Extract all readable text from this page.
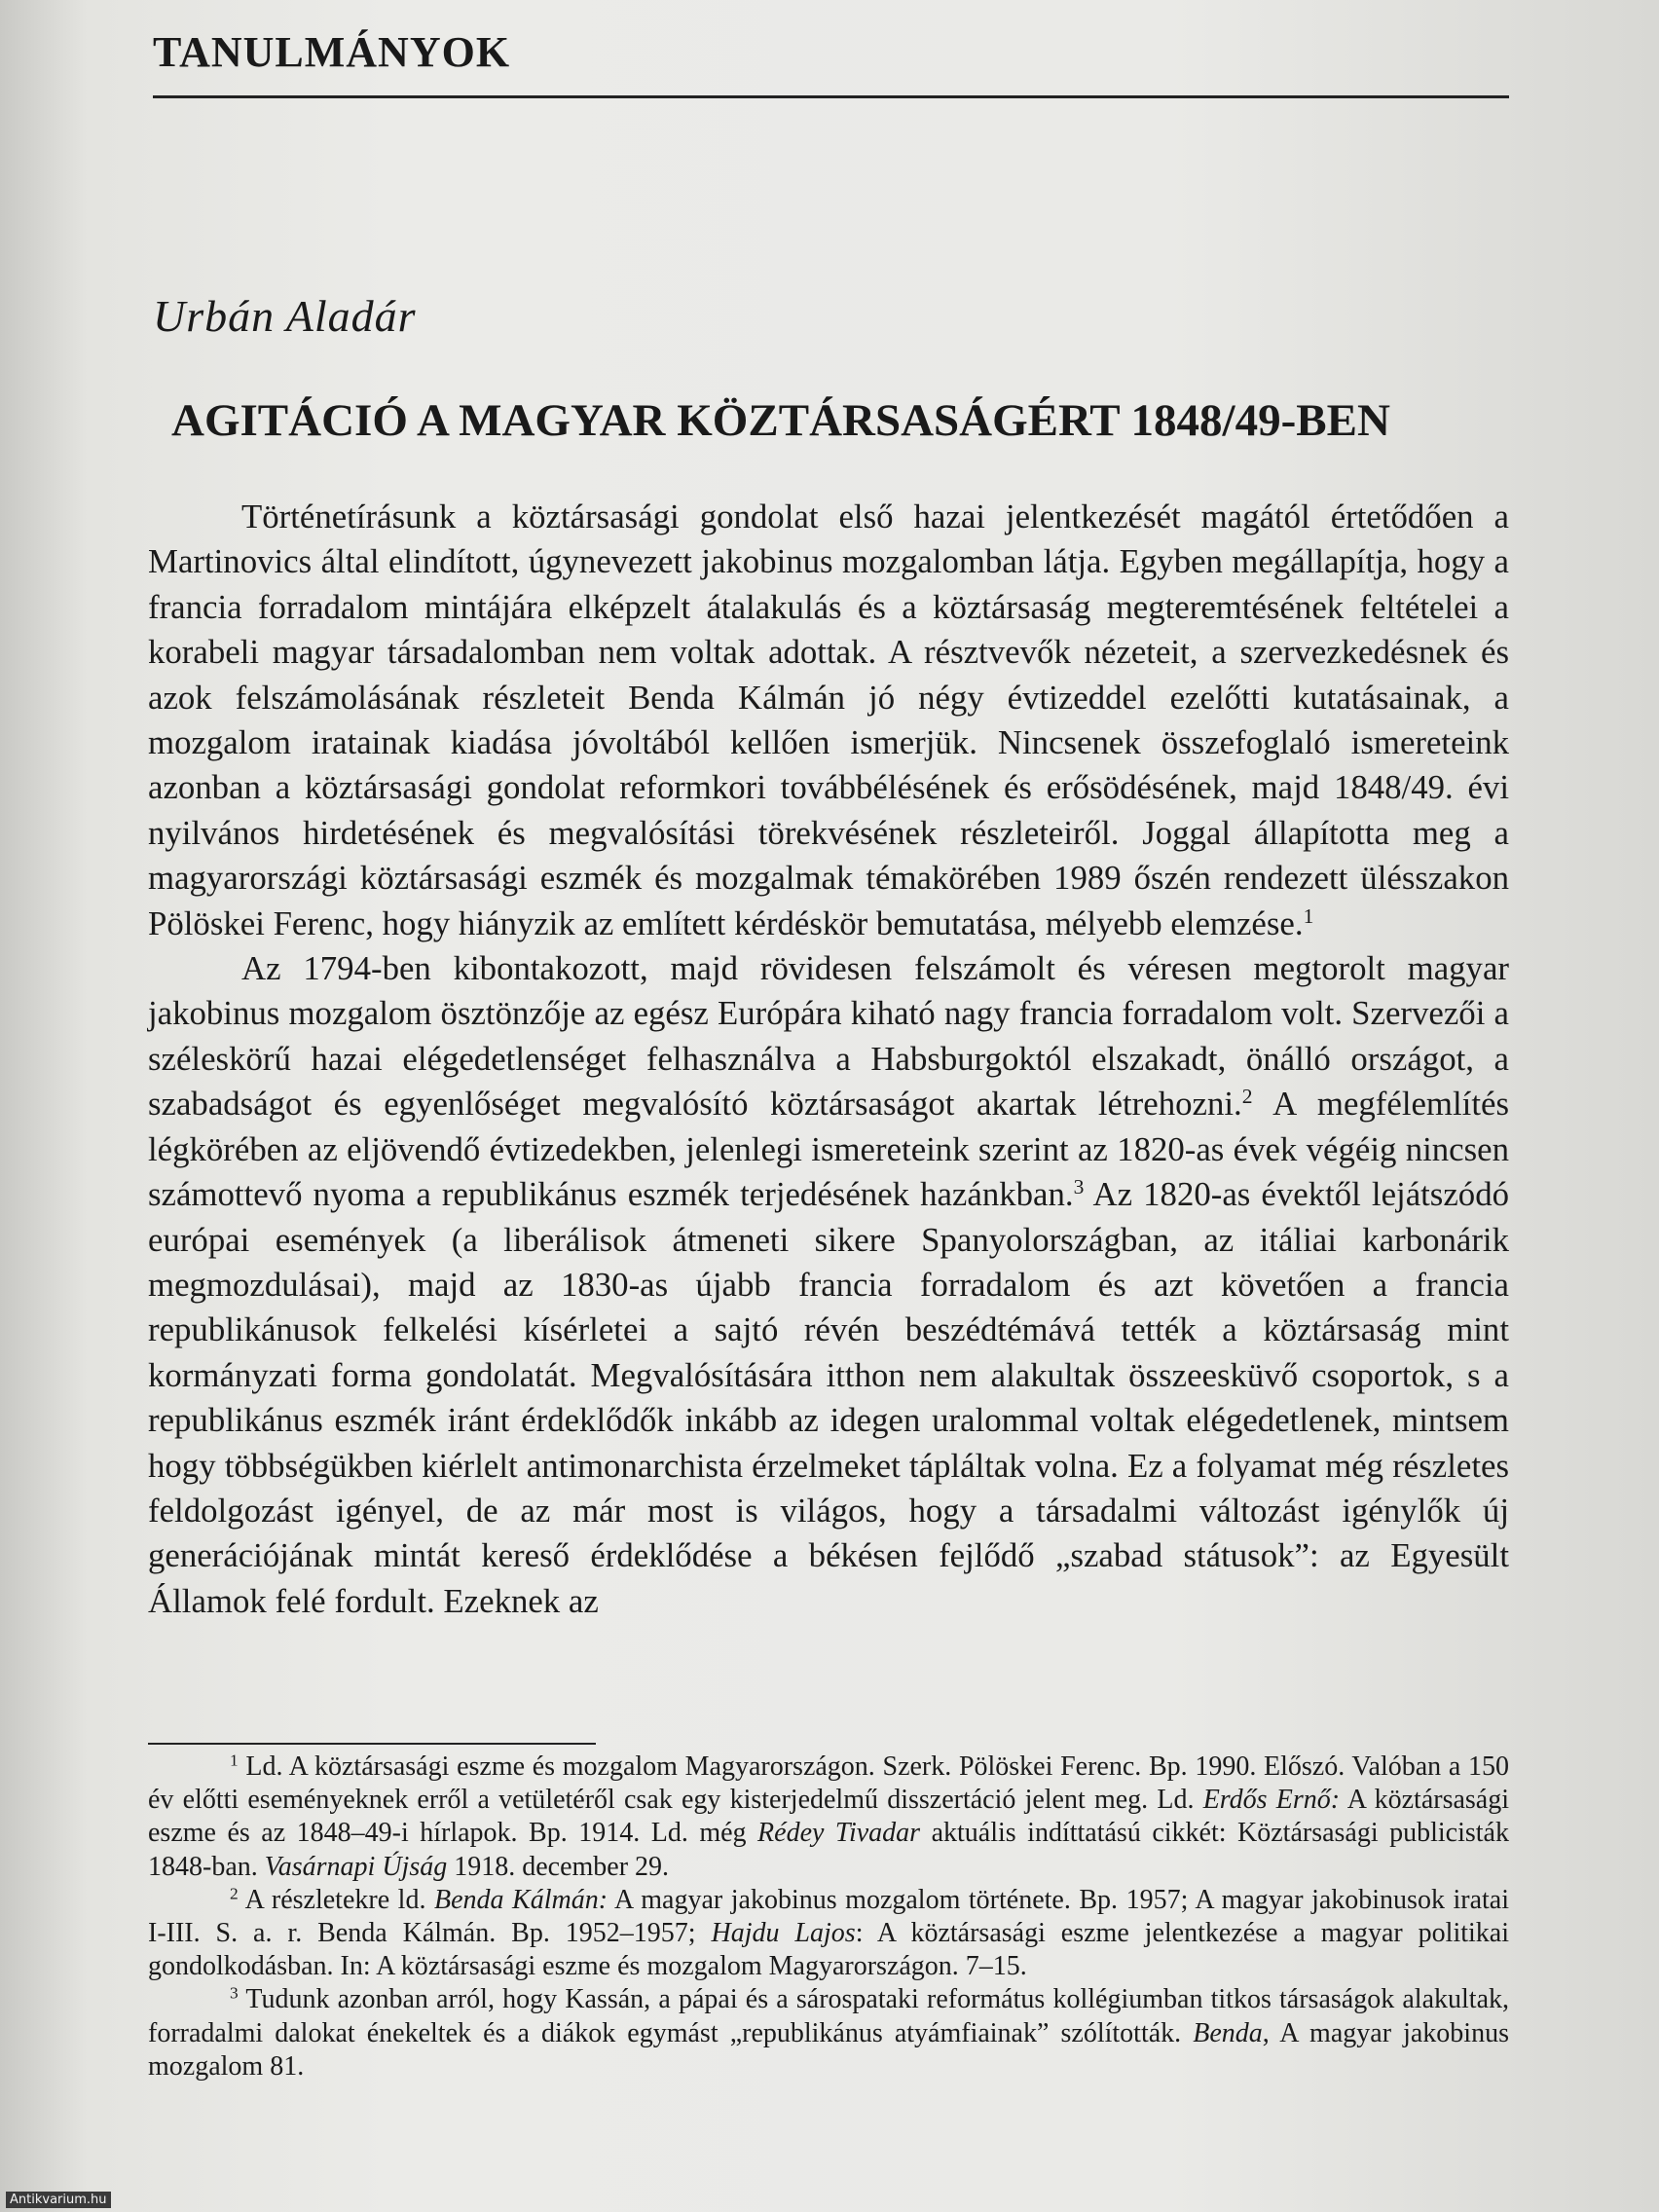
TANULMÁNYOK
Urbán Aladár
AGITÁCIÓ A MAGYAR KÖZTÁRSASÁGÉRT 1848/49-BEN

Történetírásunk a köztársasági gondolat első hazai jelentkezését magától értetődően a Martinovics által elindított, úgynevezett jakobinus mozgalomban látja. Egyben megállapítja, hogy a francia forradalom mintájára elképzelt átalakulás és a köztársaság megteremtésének feltételei a korabeli magyar társadalomban nem voltak adottak. A résztvevők nézeteit, a szervezkedésnek és azok felszámolásának részleteit Benda Kálmán jó négy évtizeddel ezelőtti kutatásainak, a mozgalom iratainak kiadása jóvoltából kellően ismerjük. Nincsenek összefoglaló ismereteink azonban a köztársasági gondolat reformkori továbbélésének és erősödésének, majd 1848/49. évi nyilvános hirdetésének és megvalósítási törekvésének részleteiről. Joggal állapította meg a magyarországi köztársasági eszmék és mozgalmak témakörében 1989 őszén rendezett ülésszakon Pölöskei Ferenc, hogy hiányzik az említett kérdéskör bemutatása, mélyebb elemzése.$^1$

Az 1794-ben kibontakozott, majd rövidesen felszámolt és véresen megtorolt magyar jakobinus mozgalom ösztönzője az egész Európára kiható nagy francia forradalom volt. Szervezői a széleskörű hazai elégedetlenséget felhasználva a Habsburgoktól elszakadt, önálló országot, a szabadságot és egyenlőséget megvalósító köztársaságot akartak létrehozni.$^2$ A megfélemlítés légkörében az eljövendő évtizedekben, jelenlegi ismereteink szerint az 1820-as évek végéig nincsen számottevő nyoma a republikánus eszmék terjedésének hazánkban.$^3$ Az 1820-as évektől lejátszódó európai események (a liberálisok átmeneti sikere Spanyolországban, az itáliai karbonárik megmozdulásai), majd az 1830-as újabb francia forradalom és azt követően a francia republikánusok felkelési kísérletei a sajtó révén beszédtémává tették a köztársaság mint kormányzati forma gondolatát. Megvalósítására itthon nem alakultak összeesküvő csoportok, s a republikánus eszmék iránt érdeklődők inkább az idegen uralommal voltak elégedetlenek, mintsem hogy többségükben kiérlelt antimonarchista érzelmeket tápláltak volna. Ez a folyamat még részletes feldolgozást igényel, de az már most is világos, hogy a társadalmi változást igénylők új generációjának mintát kereső érdeklődése a békésen fejlődő „szabad státusok”: az Egyesült Államok felé fordult. Ezeknek az

$^1$ Ld. A köztársasági eszme és mozgalom Magyarországon. Szerk. Pölöskei Ferenc. Bp. 1990. Előszó. Valóban a 150 év előtti eseményeknek erről a vetületéről csak egy kisterjedelmű disszertáció jelent meg. Ld. Erdős Ernő: A köztársasági eszme és az 1848–49-i hírlapok. Bp. 1914. Ld. még Rédey Tivadar aktuális indíttatású cikkét: Köztársasági publicisták 1848-ban. Vasárnapi Újság 1918. december 29.

$^2$ A részletekre ld. Benda Kálmán: A magyar jakobinus mozgalom története. Bp. 1957; A magyar jakobinusok iratai I-III. S. a. r. Benda Kálmán. Bp. 1952–1957; Hajdu Lajos: A köztársasági eszme jelentkezése a magyar politikai gondolkodásban. In: A köztársasági eszme és mozgalom Magyarországon. 7–15.

$^3$ Tudunk azonban arról, hogy Kassán, a pápai és a sárospataki református kollégiumban titkos társaságok alakultak, forradalmi dalokat énekeltek és a diákok egymást „republikánus atyámfiainak” szólították. Benda, A magyar jakobinus mozgalom 81.

Antikvarium.hu
